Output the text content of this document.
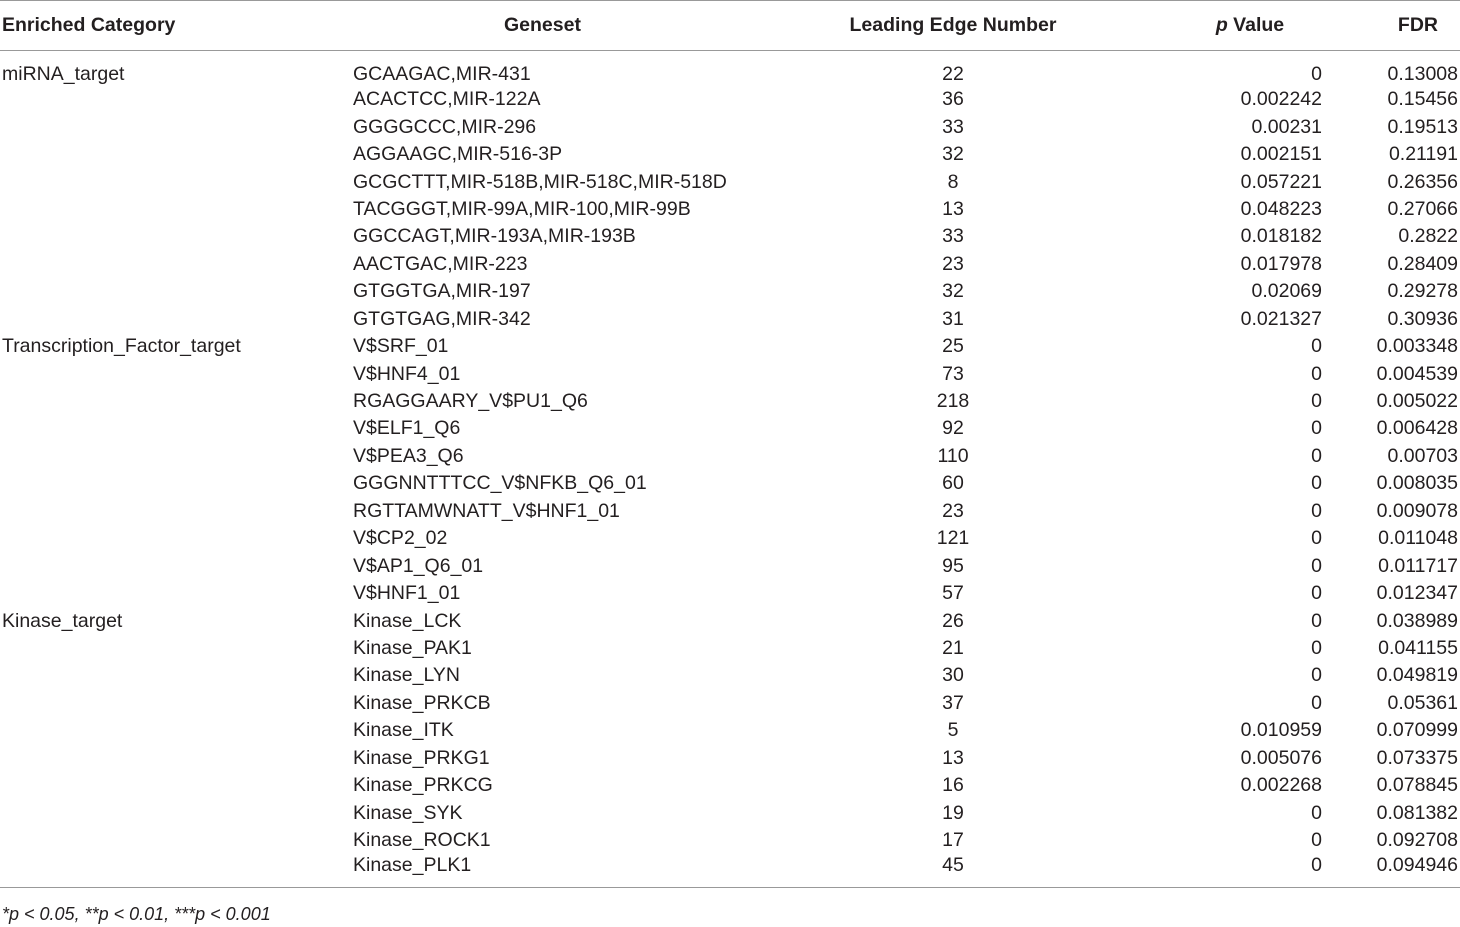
Enriched Category	Geneset	Leading Edge Number	p Value	FDR
miRNA_target	GCAAGAC,MIR-431	22	0	0.13008
	ACACTCC,MIR-122A	36	0.002242	0.15456
	GGGGCCC,MIR-296	33	0.00231	0.19513
	AGGAAGC,MIR-516-3P	32	0.002151	0.21191
	GCGCTTT,MIR-518B,MIR-518C,MIR-518D	8	0.057221	0.26356
	TACGGGT,MIR-99A,MIR-100,MIR-99B	13	0.048223	0.27066
	GGCCAGT,MIR-193A,MIR-193B	33	0.018182	0.2822
	AACTGAC,MIR-223	23	0.017978	0.28409
	GTGGTGA,MIR-197	32	0.02069	0.29278
	GTGTGAG,MIR-342	31	0.021327	0.30936
Transcription_Factor_target	V$SRF_01	25	0	0.003348
	V$HNF4_01	73	0	0.004539
	RGAGGAARY_V$PU1_Q6	218	0	0.005022
	V$ELF1_Q6	92	0	0.006428
	V$PEA3_Q6	110	0	0.00703
	GGGNNTTTCC_V$NFKB_Q6_01	60	0	0.008035
	RGTTAMWNATT_V$HNF1_01	23	0	0.009078
	V$CP2_02	121	0	0.011048
	V$AP1_Q6_01	95	0	0.011717
	V$HNF1_01	57	0	0.012347
Kinase_target	Kinase_LCK	26	0	0.038989
	Kinase_PAK1	21	0	0.041155
	Kinase_LYN	30	0	0.049819
	Kinase_PRKCB	37	0	0.05361
	Kinase_ITK	5	0.010959	0.070999
	Kinase_PRKG1	13	0.005076	0.073375
	Kinase_PRKCG	16	0.002268	0.078845
	Kinase_SYK	19	0	0.081382
	Kinase_ROCK1	17	0	0.092708
	Kinase_PLK1	45	0	0.094946
*p < 0.05, **p < 0.01, ***p < 0.001
